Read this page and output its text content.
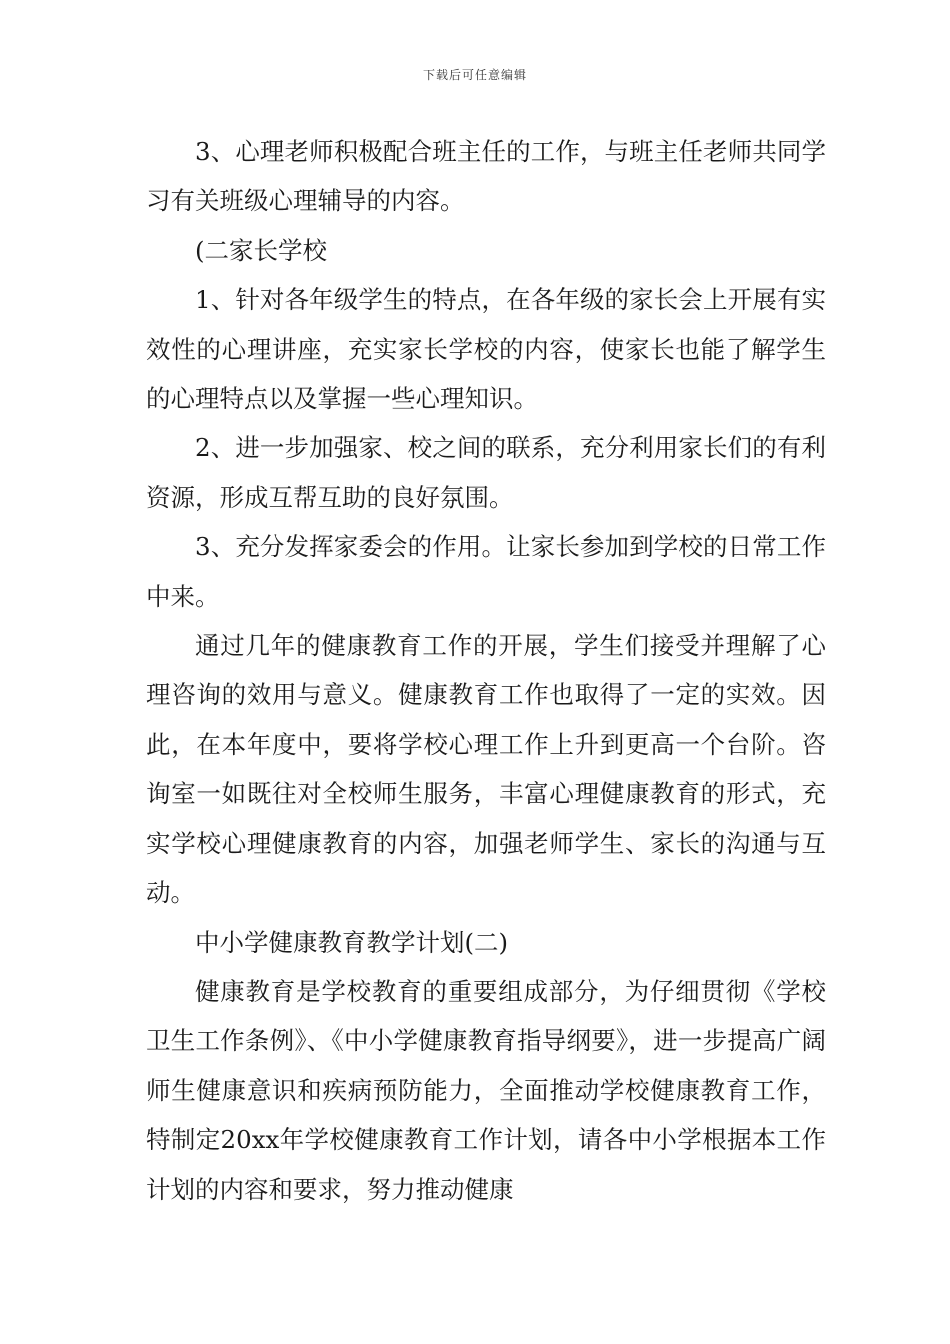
下载后可任意编辑

3、心理老师积极配合班主任的工作，与班主任老师共同学习有关班级心理辅导的内容。

(二家长学校

1、针对各年级学生的特点，在各年级的家长会上开展有实效性的心理讲座，充实家长学校的内容，使家长也能了解学生的心理特点以及掌握一些心理知识。

2、进一步加强家、校之间的联系，充分利用家长们的有利资源，形成互帮互助的良好氛围。

3、充分发挥家委会的作用。让家长参加到学校的日常工作中来。

通过几年的健康教育工作的开展，学生们接受并理解了心理咨询的效用与意义。健康教育工作也取得了一定的实效。因此，在本年度中，要将学校心理工作上升到更高一个台阶。咨询室一如既往对全校师生服务，丰富心理健康教育的形式，充实学校心理健康教育的内容，加强老师学生、家长的沟通与互动。

中小学健康教育教学计划(二)

健康教育是学校教育的重要组成部分，为仔细贯彻《学校卫生工作条例》、《中小学健康教育指导纲要》，进一步提高广阔师生健康意识和疾病预防能力，全面推动学校健康教育工作，特制定20xx年学校健康教育工作计划，请各中小学根据本工作计划的内容和要求，努力推动健康
